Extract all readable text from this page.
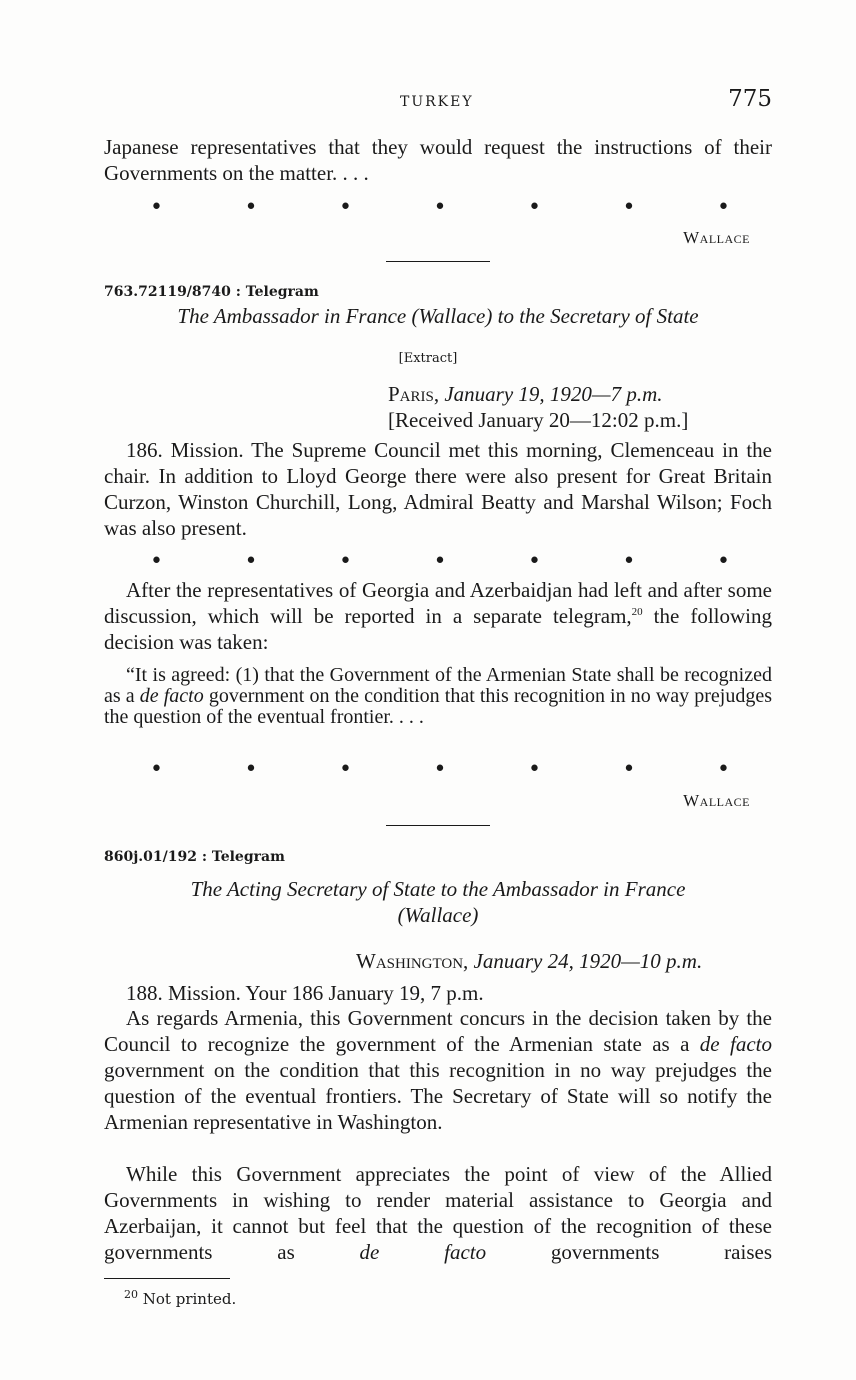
TURKEY	775

Japanese representatives that they would request the instructions of their Governments on the matter. . . .

•	•	•	•	•	•	•
Wallace
763.72119/8740 : Telegram
The Ambassador in France (Wallace) to the Secretary of State
[Extract]
Paris, January 19, 1920—7 p.m.
[Received January 20—12:02 p.m.]

186. Mission. The Supreme Council met this morning, Clemenceau in the chair. In addition to Lloyd George there were also present for Great Britain Curzon, Winston Churchill, Long, Admiral Beatty and Marshal Wilson; Foch was also present.

•	•	•	•	•	•	•

After the representatives of Georgia and Azerbaidjan had left and after some discussion, which will be reported in a separate telegram,$^{20}$ the following decision was taken:

“It is agreed: (1) that the Government of the Armenian State shall be recognized as a de facto government on the condition that this recognition in no way prejudges the question of the eventual frontier. . . .

•	•	•	•	•	•	•
Wallace
860j.01/192 : Telegram
The Acting Secretary of State to the Ambassador in France
(Wallace)
Washington, January 24, 1920—10 p.m.

188. Mission. Your 186 January 19, 7 p.m.

As regards Armenia, this Government concurs in the decision taken by the Council to recognize the government of the Armenian state as a de facto government on the condition that this recognition in no way prejudges the question of the eventual frontiers. The Secretary of State will so notify the Armenian representative in Washington.

While this Government appreciates the point of view of the Allied Governments in wishing to render material assistance to Georgia and Azerbaijan, it cannot but feel that the question of the recognition of these governments as de facto governments raises

$^{20}$ Not printed.
